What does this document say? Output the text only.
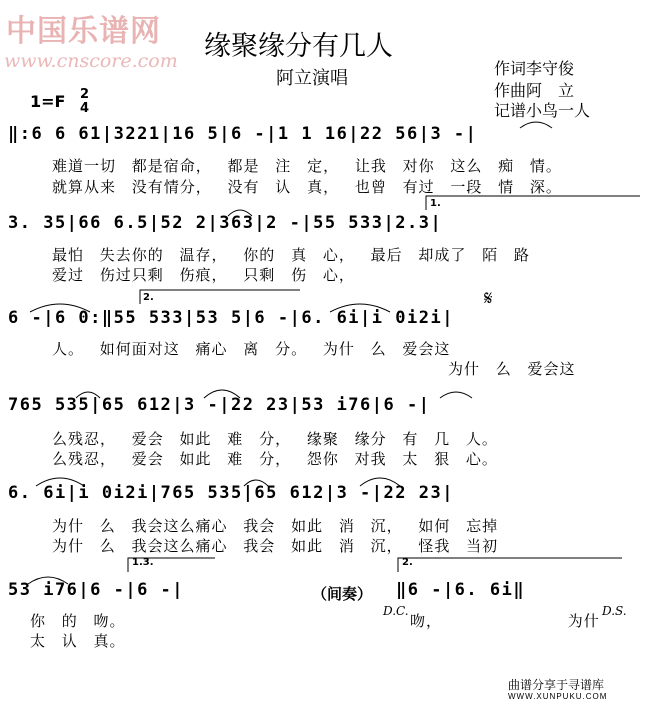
中国乐谱网
www.cnscore.com 缘聚缘分有几人
阿立演唱	作词李守俊
作曲阿　立
记谱小鸟一人
1=F 2
4
‖:6 6 61|3221|16 5|6 -|1 1 16|22 56|3 -|
难道一切 都是宿命， 都是 注 定， 让我 对你 这么 痴 情。
就算从来 没有情分， 没有 认 真， 也曾 有过 一段 情 深。
3. 35|66 6.5|52 2|363|2 -|55 533|2.3|
最怕 失去你的 温存， 你的 真 心， 最后 却成了 陌 路
爱过 伤过只剩 伤痕， 只剩 伤 心，
1.
𝄋
6 -|6 0:‖55 533|53 5|6 -|6. 6i|i 0i2i|
人。 如何面对这 痛心 离 分。 为什 么 爱会这
为什 么 爱会这
2.
765 535|65 612|3 -|22 23|53 i76|6 -|
么残忍， 爱会 如此 难 分， 缘聚 缘分 有 几 人。
么残忍， 爱会 如此 难 分， 怨你 对我 太 狠 心。
6. 6i|i 0i2i|765 535|65 612|3 -|22 23|
为什 么 我会这么痛心 我会 如此 消 沉， 如何 忘掉
为什 么 我会这么痛心 我会 如此 消 沉， 怪我 当初
53 i76|6 -|6 -|
你 的 吻。
太 认 真。
1.3.
（间奏） ‖6 -|6. 6i‖
2.
D.C.
吻， 为什
D.S.
曲谱分享于寻谱库
WWW.XUNPUKU.COM
